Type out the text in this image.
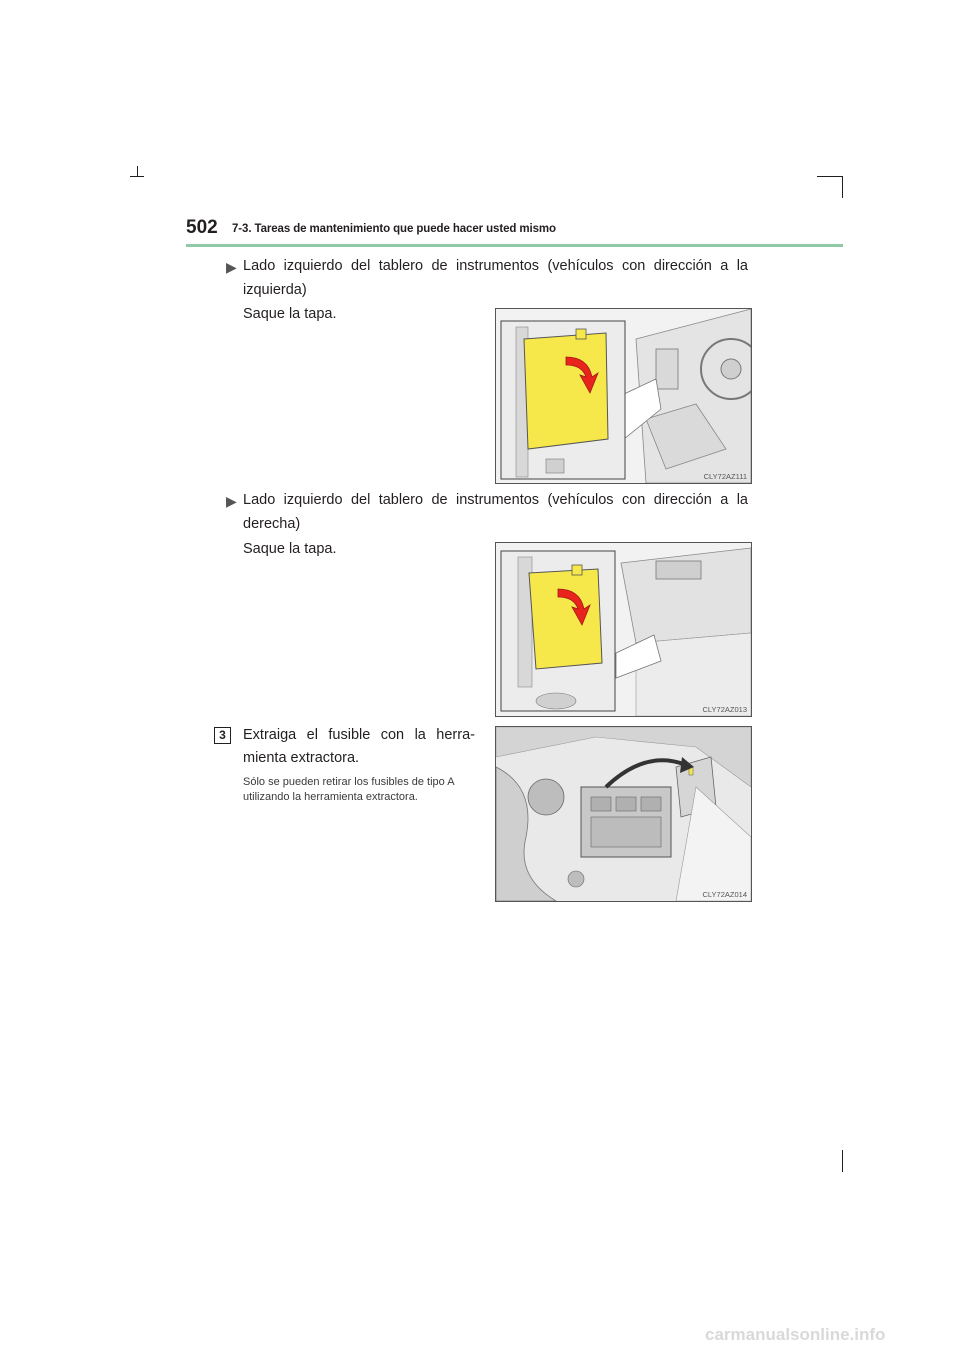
502 7-3. Tareas de mantenimiento que puede hacer usted mismo
▶ Lado izquierdo del tablero de instrumentos (vehículos con dirección a la izquierda)
Saque la tapa.
CLY72AZ111
▶ Lado izquierdo del tablero de instrumentos (vehículos con dirección a la derecha)
Saque la tapa.
CLY72AZ013
3	Extraiga el fusible con la herra-mienta extractora.
Sólo se pueden retirar los fusibles de tipo A utilizando la herramienta extractora.
CLY72AZ014
carmanualsonline.info
